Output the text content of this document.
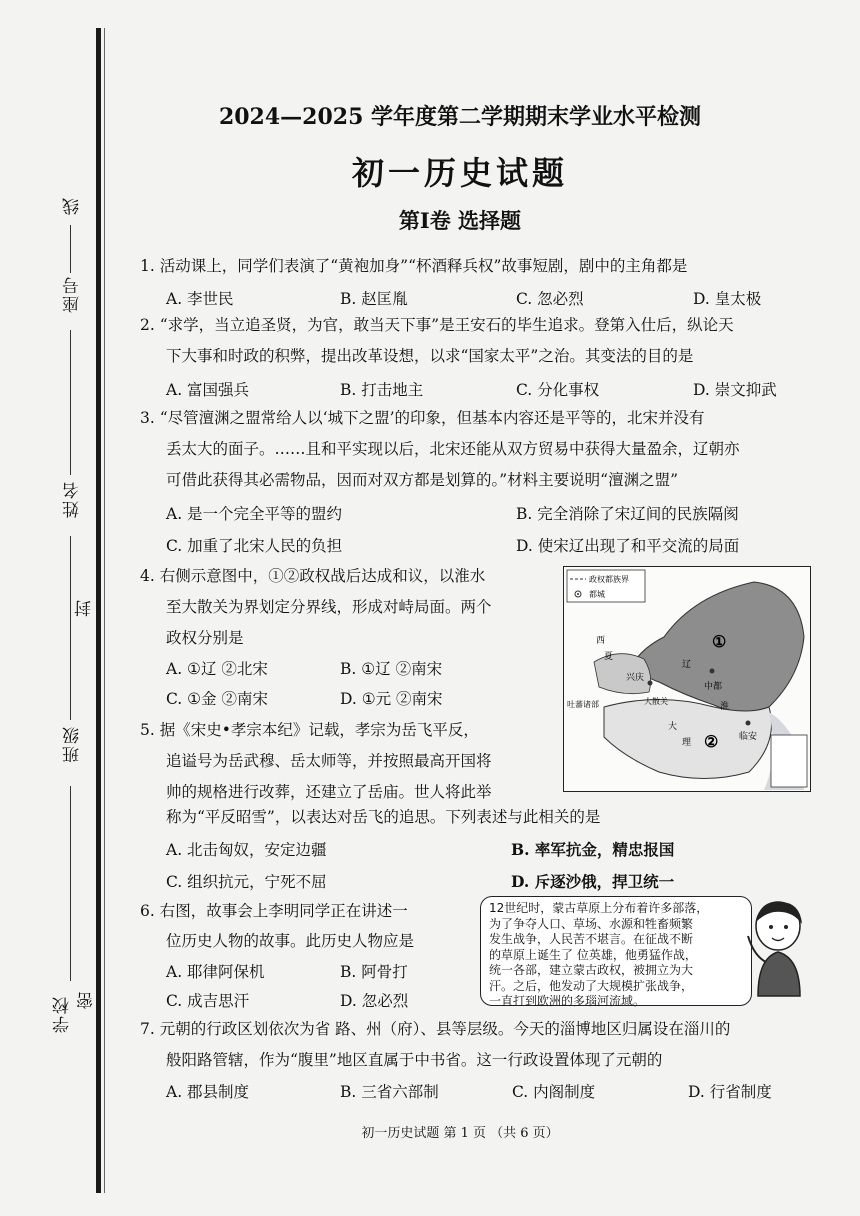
线
座号
姓名
封
班级
学校 密
2024—2025 学年度第二学期期末学业水平检测
初一历史试题
第Ⅰ卷 选择题
1. 活动课上，同学们表演了“黄袍加身”“杯酒释兵权”故事短剧，剧中的主角都是
A. 李世民	B. 赵匡胤	C. 忽必烈	D. 皇太极
2. “求学，当立追圣贤，为官，敢当天下事”是王安石的毕生追求。登第入仕后，纵论天
下大事和时政的积弊，提出改革设想，以求“国家太平”之治。其变法的目的是
A. 富国强兵	B. 打击地主	C. 分化事权	D. 崇文抑武
3. “尽管澶渊之盟常给人以‘城下之盟’的印象，但基本内容还是平等的，北宋并没有
丢太大的面子。……且和平实现以后，北宋还能从双方贸易中获得大量盈余，辽朝亦
可借此获得其必需物品，因而对双方都是划算的。”材料主要说明“澶渊之盟”
A. 是一个完全平等的盟约	B. 完全消除了宋辽间的民族隔阂
C. 加重了北宋人民的负担	D. 使宋辽出现了和平交流的局面
4. 右侧示意图中，①②政权战后达成和议，以淮水
至大散关为界划定分界线，形成对峙局面。两个
政权分别是
A. ①辽 ②北宋	B. ①辽 ②南宋
C. ①金 ②南宋	D. ①元 ②南宋
政权都族界
都城
①
②
西
夏
辽
兴庆
中都
吐蕃诸部	大散关
淮
大
理
临安
5. 据《宋史•孝宗本纪》记载，孝宗为岳飞平反，
追谥号为岳武穆、岳太师等，并按照最高开国将
帅的规格进行改葬，还建立了岳庙。世人将此举
称为“平反昭雪”，以表达对岳飞的追思。下列表述与此相关的是
A. 北击匈奴，安定边疆	B. 率军抗金，精忠报国
C. 组织抗元，宁死不屈	D. 斥逐沙俄，捍卫统一
6. 右图，故事会上李明同学正在讲述一
位历史人物的故事。此历史人物应是
A. 耶律阿保机	B. 阿骨打
C. 成吉思汗	D. 忽必烈
12世纪时，蒙古草原上分布着许多部落，
为了争夺人口、草场、水源和牲畜频繁
发生战争，人民苦不堪言。在征战不断
的草原上诞生了 位英雄，他勇猛作战，
统一各部，建立蒙古政权，被拥立为大
汗。之后，他发动了大规模扩张战争，
一直打到欧洲的多瑙河流域。
7. 元朝的行政区划依次为省 路、州（府）、县等层级。今天的淄博地区归属设在淄川的
般阳路管辖，作为“腹里”地区直属于中书省。这一行政设置体现了元朝的
A. 郡县制度	B. 三省六部制	C. 内阁制度	D. 行省制度
初一历史试题 第 1 页 （共 6 页）
